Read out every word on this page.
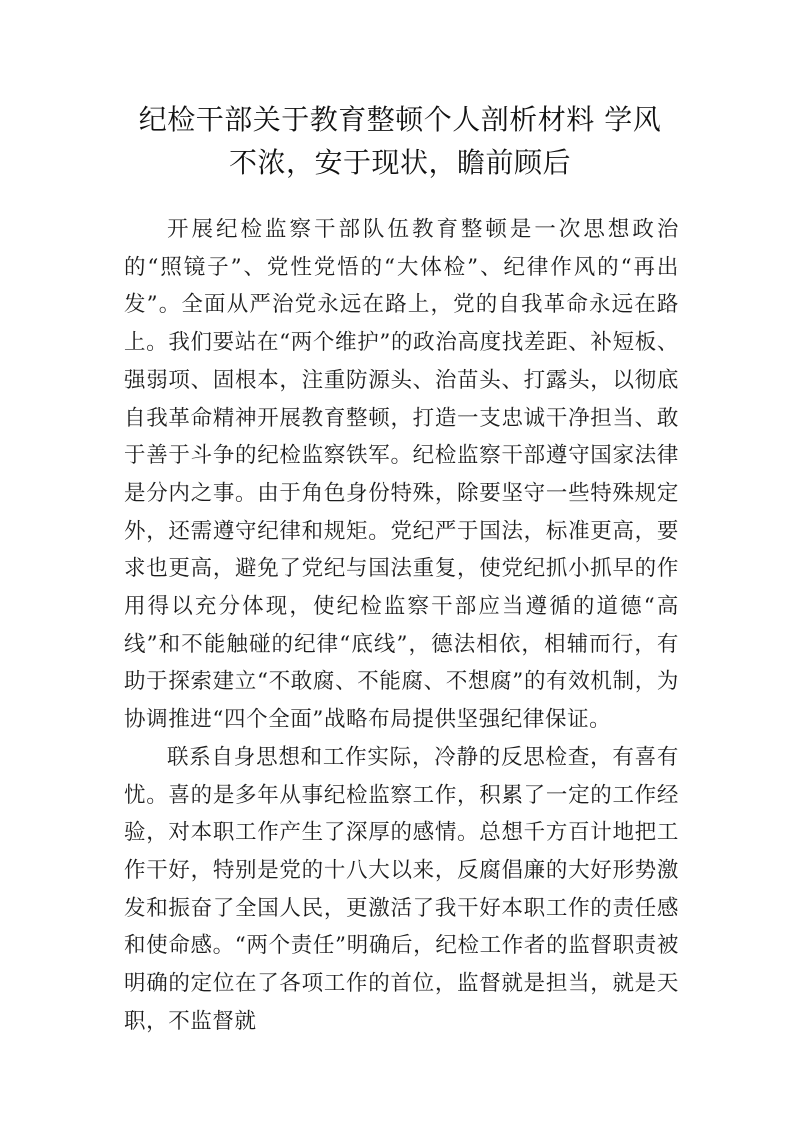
纪检干部关于教育整顿个人剖析材料 学风
不浓，安于现状，瞻前顾后

开展纪检监察干部队伍教育整顿是一次思想政治的“照镜子”、党性党悟的“大体检”、纪律作风的“再出发”。全面从严治党永远在路上，党的自我革命永远在路上。我们要站在“两个维护”的政治高度找差距、补短板、强弱项、固根本，注重防源头、治苗头、打露头，以彻底自我革命精神开展教育整顿，打造一支忠诚干净担当、敢于善于斗争的纪检监察铁军。纪检监察干部遵守国家法律是分内之事。由于角色身份特殊，除要坚守一些特殊规定外，还需遵守纪律和规矩。党纪严于国法，标准更高，要求也更高，避免了党纪与国法重复，使党纪抓小抓早的作用得以充分体现，使纪检监察干部应当遵循的道德“高线”和不能触碰的纪律“底线”，德法相依，相辅而行，有助于探索建立“不敢腐、不能腐、不想腐”的有效机制，为协调推进“四个全面”战略布局提供坚强纪律保证。

联系自身思想和工作实际，冷静的反思检查，有喜有忧。喜的是多年从事纪检监察工作，积累了一定的工作经验，对本职工作产生了深厚的感情。总想千方百计地把工作干好，特别是党的十八大以来，反腐倡廉的大好形势激发和振奋了全国人民，更激活了我干好本职工作的责任感和使命感。“两个责任”明确后，纪检工作者的监督职责被明确的定位在了各项工作的首位，监督就是担当，就是天职，不监督就
